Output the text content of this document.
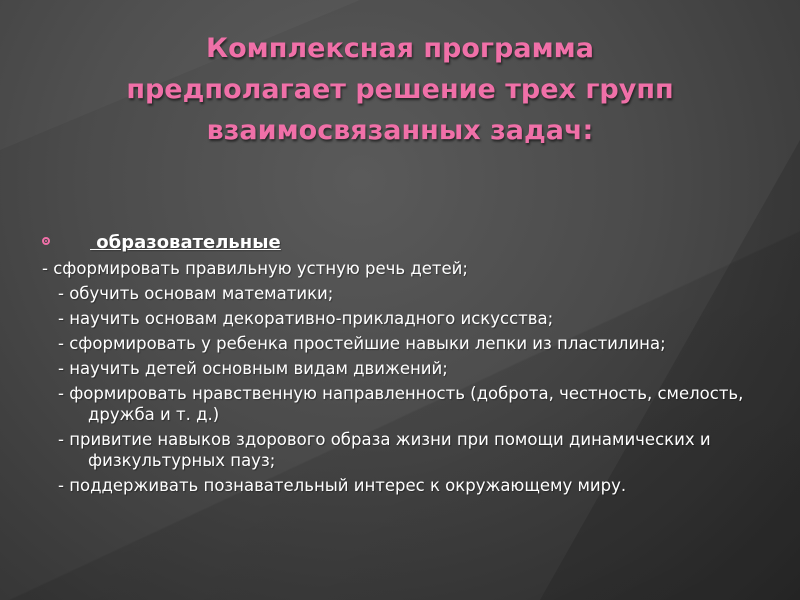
Комплексная программа
предполагает решение трех групп
взаимосвязанных задач:
образовательные
- сформировать правильную устную речь детей;
- обучить основам математики;
- научить основам декоративно-прикладного искусства;
- сформировать у ребенка простейшие навыки лепки из пластилина;
- научить детей основным видам движений;
- формировать нравственную направленность (доброта, честность, смелость, дружба и т. д.)
- привитие навыков здорового образа жизни при помощи динамических и физкультурных пауз;
- поддерживать познавательный интерес к окружающему миру.
